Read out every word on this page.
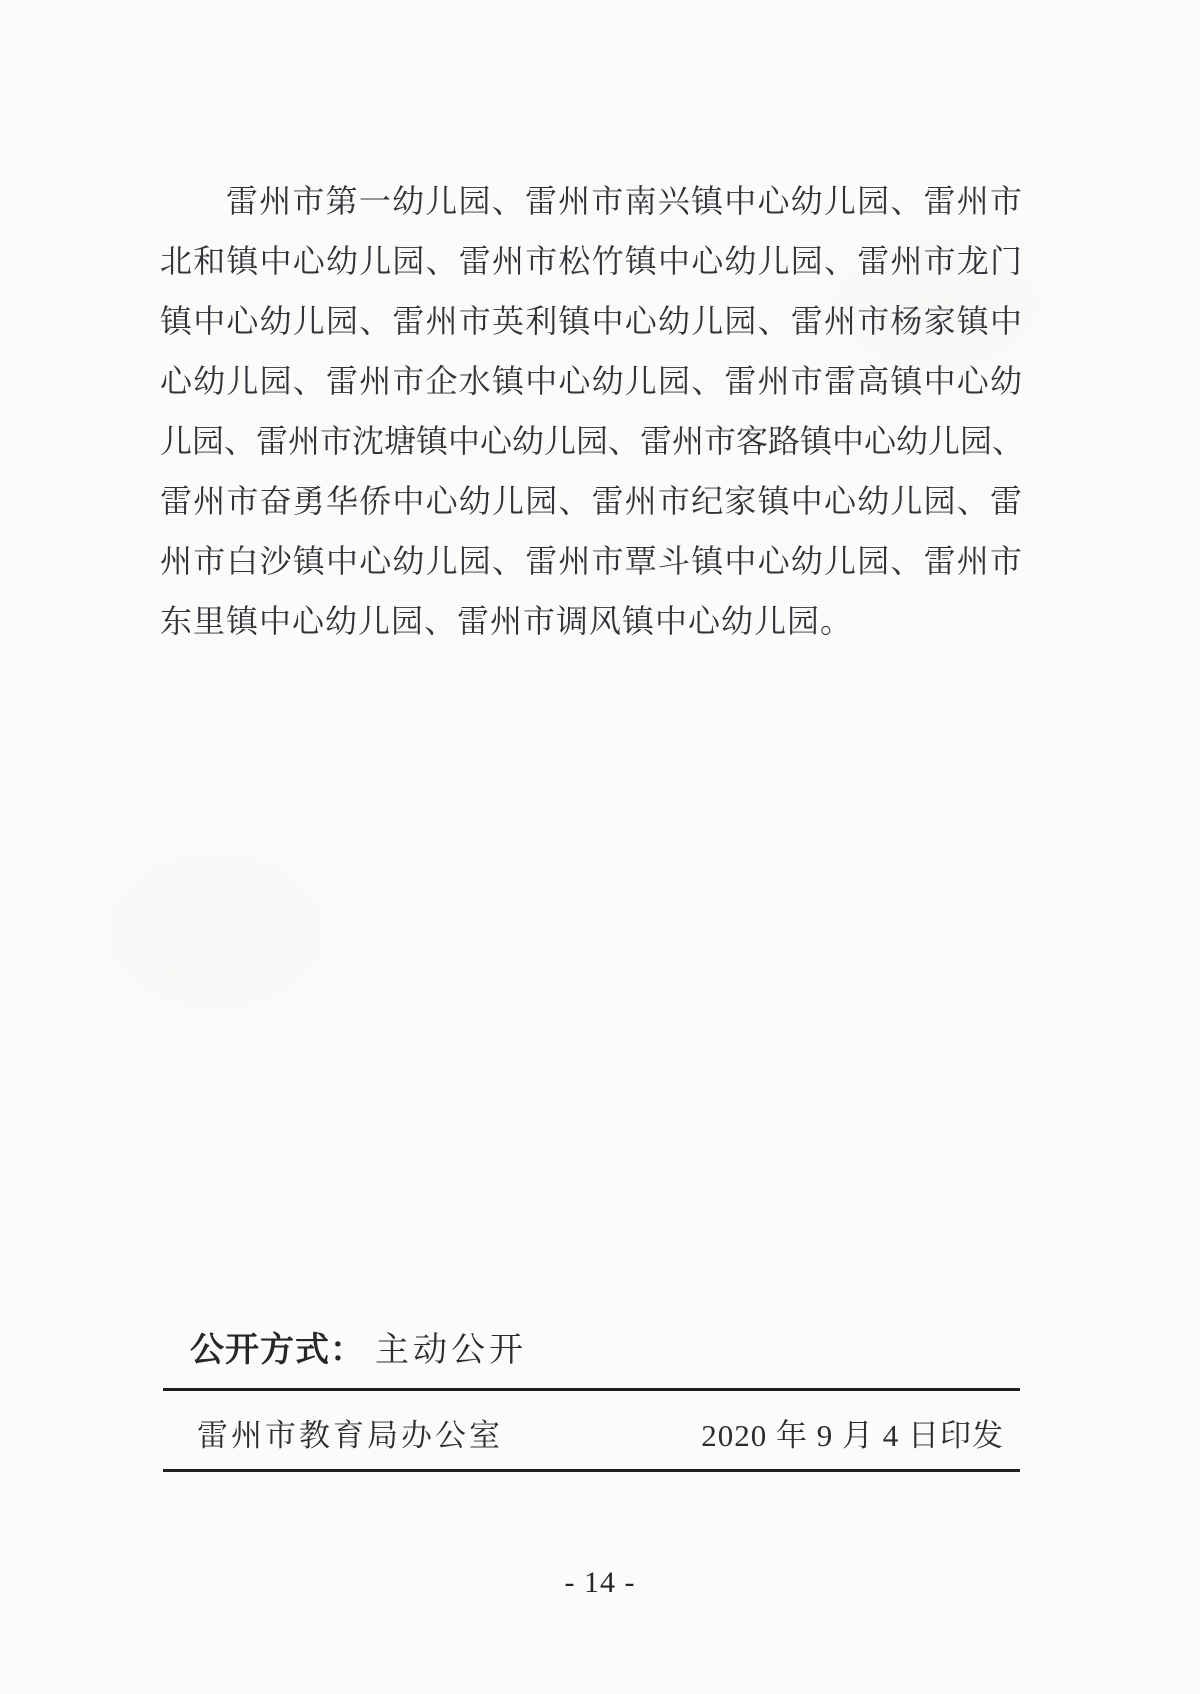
雷州市第一幼儿园、雷州市南兴镇中心幼儿园、雷州市
北和镇中心幼儿园、雷州市松竹镇中心幼儿园、雷州市龙门
镇中心幼儿园、雷州市英利镇中心幼儿园、雷州市杨家镇中
心幼儿园、雷州市企水镇中心幼儿园、雷州市雷高镇中心幼
儿园、雷州市沈塘镇中心幼儿园、雷州市客路镇中心幼儿园、
雷州市奋勇华侨中心幼儿园、雷州市纪家镇中心幼儿园、雷
州市白沙镇中心幼儿园、雷州市覃斗镇中心幼儿园、雷州市
东里镇中心幼儿园、雷州市调风镇中心幼儿园。
公开方式： 主动公开
雷州市教育局办公室	2020 年 9 月 4 日印发
- 14 -
